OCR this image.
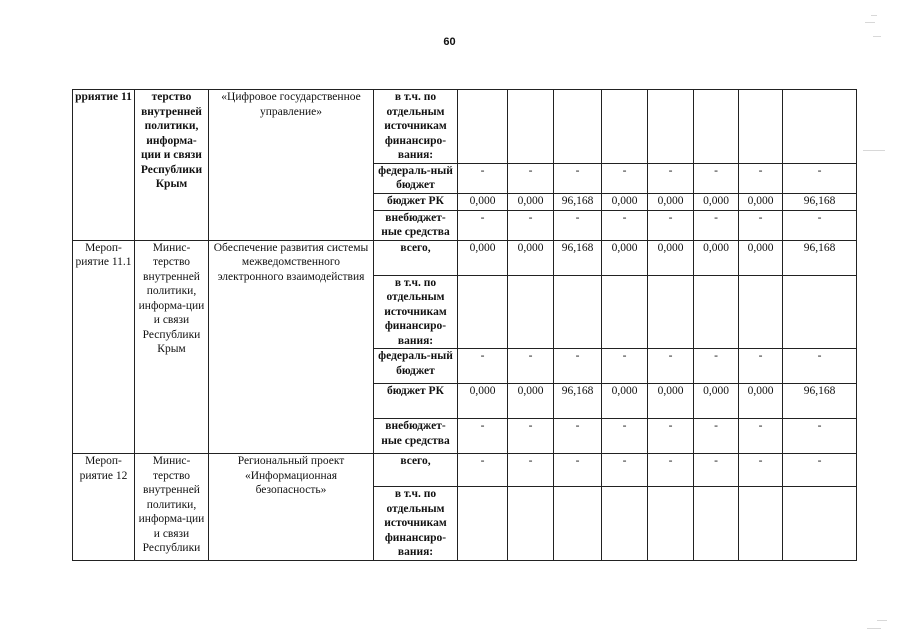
60
рриятие 11	терство внутренней политики, информа-ции и связи Республики Крым	«Цифровое государственное управление»	в т.ч. по отдельным источникам финансиро-вания:								
			федераль-ный бюджет	-	-	-	-	-	-	-	-
			бюджет РК	0,000	0,000	96,168	0,000	0,000	0,000	0,000	96,168
			внебюджет-ные средства	-	-	-	-	-	-	-	-
Мероп-риятие 11.1	Минис-терство внутренней политики, информа-ции и связи Республики Крым	Обеспечение развития системы межведомственного электронного взаимодействия	всего,	0,000	0,000	96,168	0,000	0,000	0,000	0,000	96,168
			в т.ч. по отдельным источникам финансиро-вания:								
			федераль-ный бюджет	-	-	-	-	-	-	-	-
			бюджет РК	0,000	0,000	96,168	0,000	0,000	0,000	0,000	96,168
			внебюджет-ные средства	-	-	-	-	-	-	-	-
Мероп-риятие 12	Минис-терство внутренней политики, информа-ции и связи Республики	Региональный проект «Информационная безопасность»	всего,	-	-	-	-	-	-	-	-
			в т.ч. по отдельным источникам финансиро-вания:								
